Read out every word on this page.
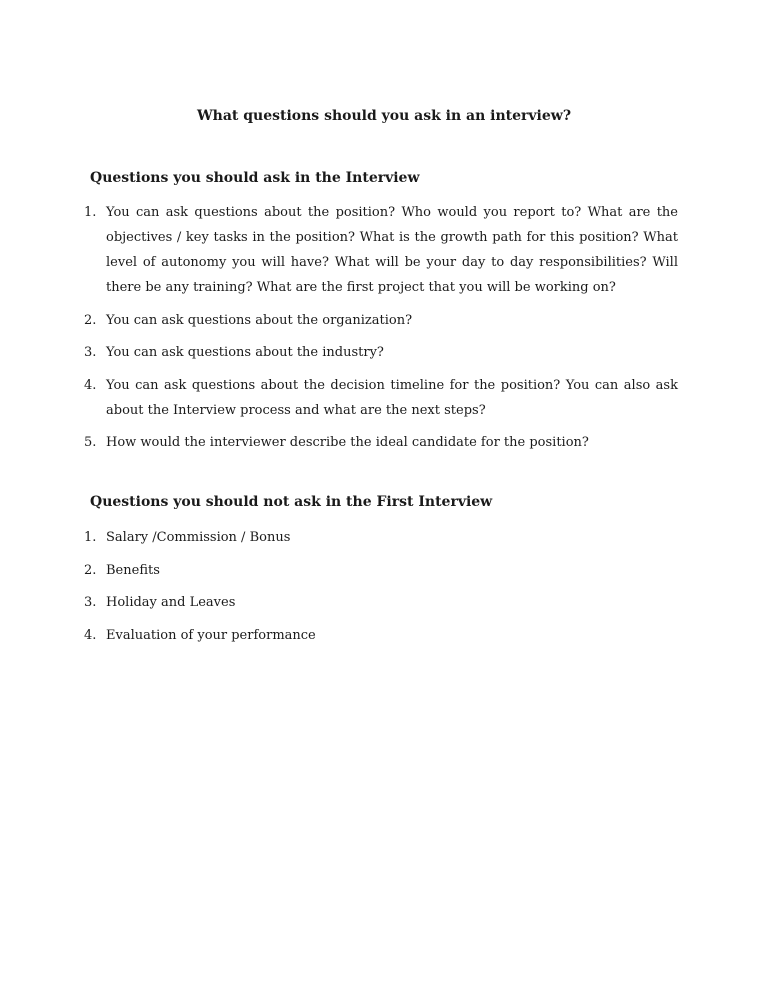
What questions should you ask in an interview?
Questions you should ask in the Interview
1. You can ask questions about the position? Who would you report to? What are the objectives / key tasks in the position? What is the growth path for this position? What level of autonomy you will have? What will be your day to day responsibilities? Will there be any training? What are the first project that you will be working on?
2. You can ask questions about the organization?
3. You can ask questions about the industry?
4. You can ask questions about the decision timeline for the position? You can also ask about the Interview process and what are the next steps?
5. How would the interviewer describe the ideal candidate for the position?
Questions you should not ask in the First Interview
1. Salary /Commission / Bonus
2. Benefits
3. Holiday and Leaves
4. Evaluation of your performance
